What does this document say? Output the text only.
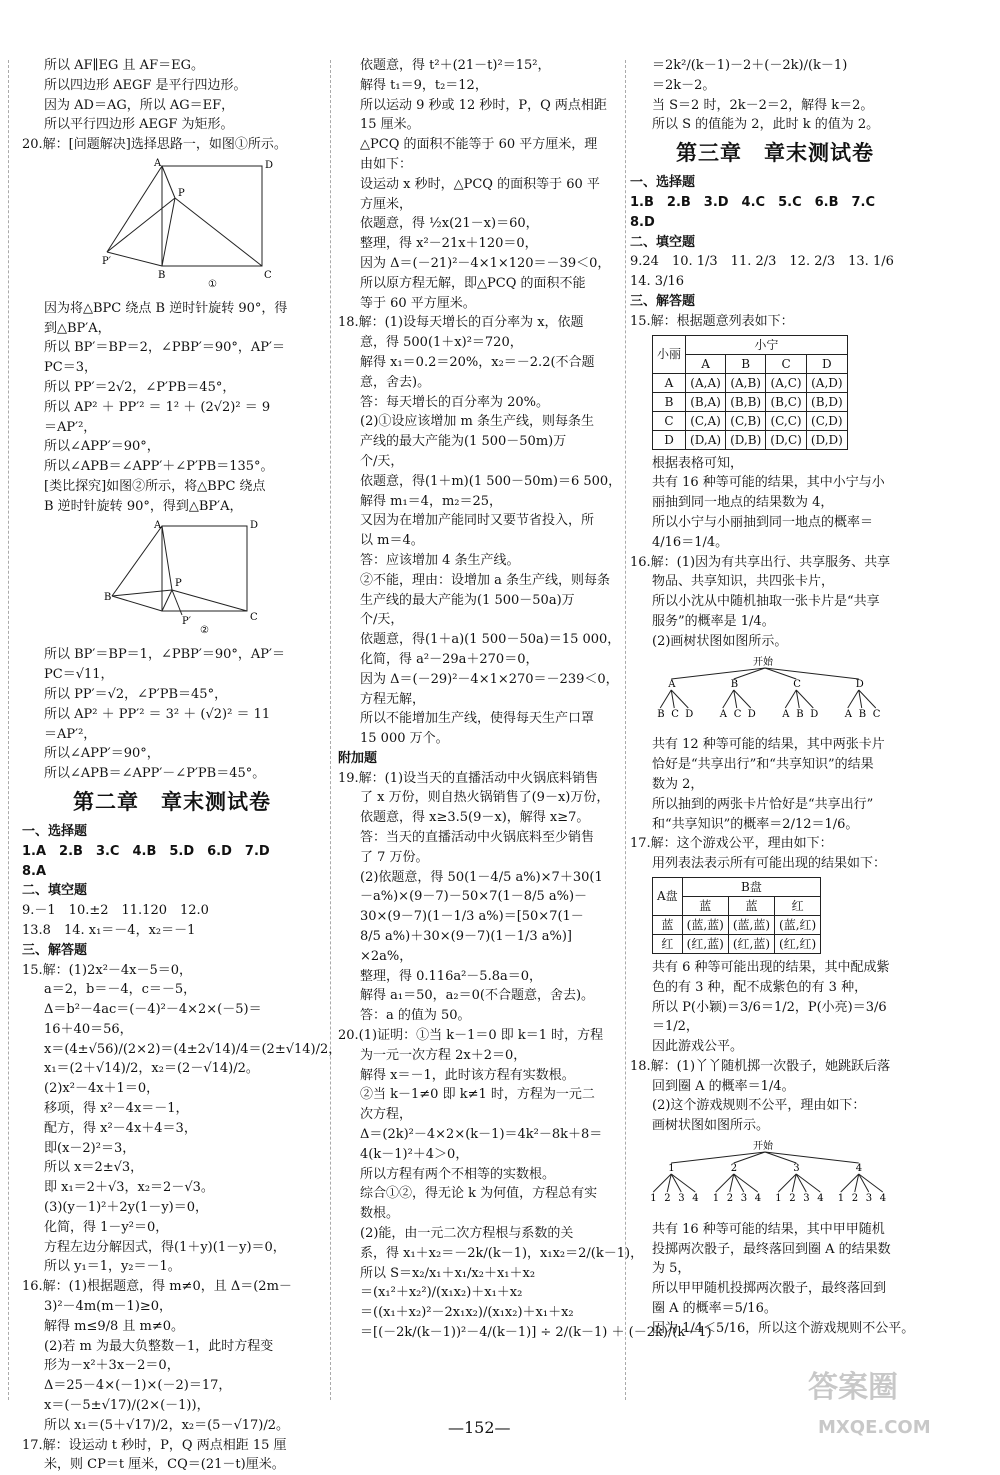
所以 AF∥EG 且 AF＝EG。
所以四边形 AEGF 是平行四边形。
因为 AD＝AG，所以 AG＝EF，
所以平行四边形 AEGF 为矩形。
20.解：[问题解决]选择思路一，如图①所示。
A	D
P
P′
B	C
①
因为将△BPC 绕点 B 逆时针旋转 90°，得
到△BP′A，
所以 BP′＝BP＝2，∠PBP′＝90°，AP′＝
PC＝3，
所以 PP′＝2√2，∠P′PB＝45°，
所以 AP² ＋ PP′² ＝ 1² ＋ (2√2)² ＝ 9
＝AP′²，
所以∠APP′＝90°，
所以∠APB＝∠APP′＋∠P′PB＝135°。
[类比探究]如图②所示，将△BPC 绕点
B 逆时针旋转 90°，得到△BP′A，
A	D
P
P′
B
C
②
所以 BP′＝BP＝1，∠PBP′＝90°，AP′＝
PC＝√11，
所以 PP′＝√2，∠P′PB＝45°，
所以 AP² ＋ PP′² ＝ 3² ＋ (√2)² ＝ 11
＝AP′²，
所以∠APP′＝90°，
所以∠APB＝∠APP′－∠P′PB＝45°。
第二章　章末测试卷
一、选择题
1.A　2.B　3.C　4.B　5.D　6.D　7.D
8.A
二、填空题
9.－1　10.±2　11.120　12.0
13.8　14. x₁＝－4，x₂＝－1
三、解答题
15.解：(1)2x²－4x－5＝0，
a＝2，b＝－4，c＝－5，
Δ＝b²－4ac＝(－4)²－4×2×(－5)＝
16＋40＝56，
x＝(4±√56)/(2×2)＝(4±2√14)/4＝(2±√14)/2，
x₁＝(2＋√14)/2，x₂＝(2－√14)/2。
(2)x²－4x＋1＝0，
移项，得 x²－4x＝－1，
配方，得 x²－4x＋4＝3，
即(x－2)²＝3，
所以 x＝2±√3，
即 x₁＝2＋√3，x₂＝2－√3。
(3)(y－1)²＋2y(1－y)＝0，
化简，得 1－y²＝0，
方程左边分解因式，得(1＋y)(1－y)＝0，
所以 y₁＝1，y₂＝－1。
16.解：(1)根据题意，得 m≠0，且 Δ＝(2m－
3)²－4m(m－1)≥0，
解得 m≤9/8 且 m≠0。
(2)若 m 为最大负整数－1，此时方程变
形为－x²＋3x－2＝0，
Δ＝25－4×(－1)×(－2)＝17，
x＝(－5±√17)/(2×(－1))，
所以 x₁＝(5＋√17)/2，x₂＝(5－√17)/2。
17.解：设运动 t 秒时，P，Q 两点相距 15 厘
米，则 CP＝t 厘米，CQ＝(21－t)厘米。
依题意，得 t²＋(21－t)²＝15²，
解得 t₁＝9，t₂＝12，
所以运动 9 秒或 12 秒时，P，Q 两点相距
15 厘米。
△PCQ 的面积不能等于 60 平方厘米，理
由如下：
设运动 x 秒时，△PCQ 的面积等于 60 平
方厘米，
依题意，得 ½x(21－x)＝60，
整理，得 x²－21x＋120＝0，
因为 Δ＝(－21)²－4×1×120＝－39＜0，
所以原方程无解，即△PCQ 的面积不能
等于 60 平方厘米。
18.解：(1)设每天增长的百分率为 x，依题
意，得 500(1＋x)²＝720，
解得 x₁＝0.2＝20%，x₂＝－2.2(不合题
意，舍去)。
答：每天增长的百分率为 20%。
(2)①设应该增加 m 条生产线，则每条生
产线的最大产能为(1 500－50m)万
个/天，
依题意，得(1＋m)(1 500－50m)＝6 500，
解得 m₁＝4，m₂＝25，
又因为在增加产能同时又要节省投入，所
以 m＝4。
答：应该增加 4 条生产线。
②不能，理由：设增加 a 条生产线，则每条
生产线的最大产能为(1 500－50a)万
个/天，
依题意，得(1＋a)(1 500－50a)＝15 000，
化简，得 a²－29a＋270＝0，
因为 Δ＝(－29)²－4×1×270＝－239＜0，
方程无解，
所以不能增加生产线，使得每天生产口罩
15 000 万个。
附加题
19.解：(1)设当天的直播活动中火锅底料销售
了 x 万份，则自热火锅销售了(9－x)万份，
依题意，得 x≥3.5(9－x)，解得 x≥7。
答：当天的直播活动中火锅底料至少销售
了 7 万份。
(2)依题意，得 50(1－4/5 a%)×7＋30(1
－a%)×(9－7)－50×7(1－8/5 a%)－
30×(9－7)(1－1/3 a%)＝[50×7(1－
8/5 a%)＋30×(9－7)(1－1/3 a%)]
×2a%，
整理，得 0.116a²－5.8a＝0，
解得 a₁＝50，a₂＝0(不合题意，舍去)。
答：a 的值为 50。
20.(1)证明：①当 k－1＝0 即 k＝1 时，方程
为一元一次方程 2x＋2＝0，
解得 x＝－1，此时该方程有实数根。
②当 k－1≠0 即 k≠1 时，方程为一元二
次方程，
Δ＝(2k)²－4×2×(k－1)＝4k²－8k＋8＝
4(k－1)²＋4＞0，
所以方程有两个不相等的实数根。
综合①②，得无论 k 为何值，方程总有实
数根。
(2)能，由一元二次方程根与系数的关
系，得 x₁＋x₂＝－2k/(k－1)，x₁x₂＝2/(k－1)，
所以 S＝x₂/x₁＋x₁/x₂＋x₁＋x₂
＝(x₁²＋x₂²)/(x₁x₂)＋x₁＋x₂
＝((x₁＋x₂)²－2x₁x₂)/(x₁x₂)＋x₁＋x₂
＝[(－2k/(k－1))²－4/(k－1)] ÷ 2/(k－1) ＋ (－2k)/(k－1)
＝2k²/(k－1)－2＋(－2k)/(k－1)
＝2k－2。
当 S＝2 时，2k－2＝2，解得 k＝2。
所以 S 的值能为 2，此时 k 的值为 2。
第三章　章末测试卷
一、选择题
1.B　2.B　3.D　4.C　5.C　6.B　7.C
8.D
二、填空题
9.24　10. 1/3　11. 2/3　12. 2/3　13. 1/6
14. 3/16
三、解答题
15.解：根据题意列表如下：
小丽	小宁			
	A	B	C	D
A	(A,A)	(A,B)	(A,C)	(A,D)
B	(B,A)	(B,B)	(B,C)	(B,D)
C	(C,A)	(C,B)	(C,C)	(C,D)
D	(D,A)	(D,B)	(D,C)	(D,D)
根据表格可知，
共有 16 种等可能的结果，其中小宁与小
丽抽到同一地点的结果数为 4，
所以小宁与小丽抽到同一地点的概率＝
4/16＝1/4。
16.解：(1)因为有共享出行、共享服务、共享
物品、共享知识，共四张卡片，
所以小沈从中随机抽取一张卡片是“共享
服务”的概率是 1/4。
(2)画树状图如图所示。
开始
A
B C D
B
A C D
C
A B D
D
A B C
共有 12 种等可能的结果，其中两张卡片
恰好是“共享出行”和“共享知识”的结果
数为 2，
所以抽到的两张卡片恰好是“共享出行”
和“共享知识”的概率＝2/12＝1/6。
17.解：这个游戏公平，理由如下：
用列表法表示所有可能出现的结果如下：
A盘	B盘		
	蓝	蓝	红
蓝	(蓝,蓝)	(蓝,蓝)	(蓝,红)
红	(红,蓝)	(红,蓝)	(红,红)
共有 6 种等可能出现的结果，其中配成紫
色的有 3 种，配不成紫色的有 3 种，
所以 P(小颖)＝3/6＝1/2，P(小亮)＝3/6
＝1/2，
因此游戏公平。
18.解：(1)丫丫随机掷一次骰子，她跳跃后落
回到圈 A 的概率＝1/4。
(2)这个游戏规则不公平，理由如下：
画树状图如图所示。
开始
1
1 2 3 4
2
1 2 3 4
3
1 2 3 4
4
1 2 3 4
共有 16 种等可能的结果，其中甲甲随机
投掷两次骰子，最终落回到圈 A 的结果数
为 5，
所以甲甲随机投掷两次骰子，最终落回到
圈 A 的概率＝5/16。
因为 1/4＜5/16，所以这个游戏规则不公平。
—152—
答案圈
MXQE.COM
